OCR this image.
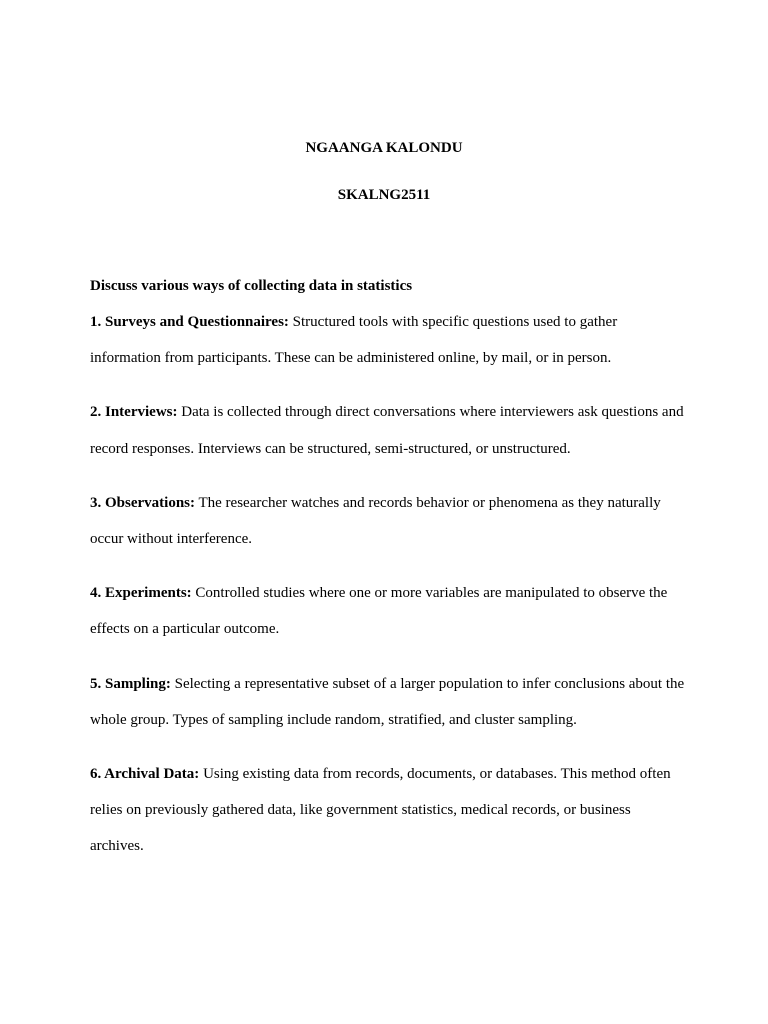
NGAANGA KALONDU
SKALNG2511

Discuss various ways of collecting data in statistics

1. Surveys and Questionnaires: Structured tools with specific questions used to gather information from participants. These can be administered online, by mail, or in person.

2. Interviews: Data is collected through direct conversations where interviewers ask questions and record responses. Interviews can be structured, semi-structured, or unstructured.

3. Observations: The researcher watches and records behavior or phenomena as they naturally occur without interference.

4. Experiments: Controlled studies where one or more variables are manipulated to observe the effects on a particular outcome.

5. Sampling: Selecting a representative subset of a larger population to infer conclusions about the whole group. Types of sampling include random, stratified, and cluster sampling.

6. Archival Data: Using existing data from records, documents, or databases. This method often relies on previously gathered data, like government statistics, medical records, or business archives.
